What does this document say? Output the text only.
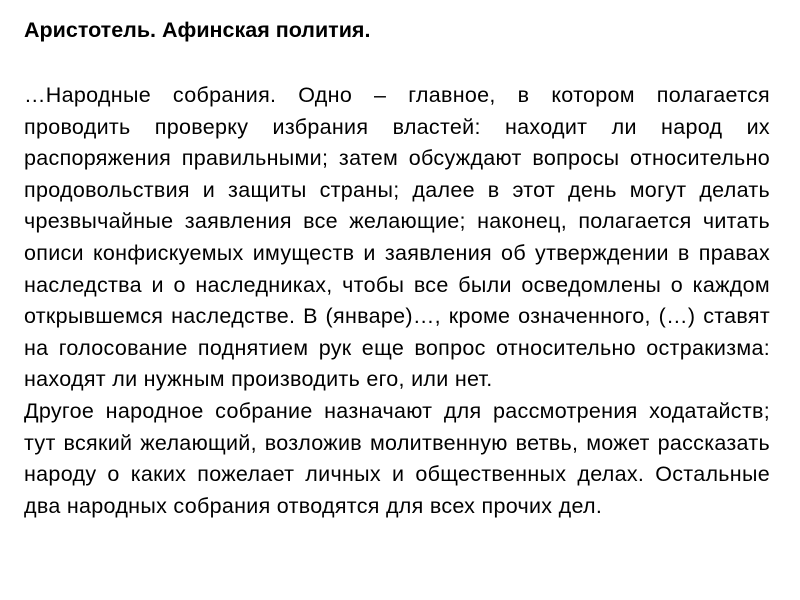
Аристотель. Афинская полития.

…Народные собрания. Одно – главное, в котором полагается проводить проверку избрания властей: находит ли народ их распоряжения правильными; затем обсуждают вопросы относительно продовольствия и защиты страны; далее в этот день могут делать чрезвычайные заявления все желающие; наконец, полагается читать описи конфискуемых имуществ и заявления об утверждении в правах наследства и о наследниках, чтобы все были осведомлены о каждом открывшемся наследстве. В (январе)…, кроме означенного, (…) ставят на голосование поднятием рук еще вопрос относительно остракизма: находят ли нужным производить его, или нет.

Другое народное собрание назначают для рассмотрения ходатайств; тут всякий желающий, возложив молитвенную ветвь, может рассказать народу о каких пожелает личных и общественных делах. Остальные два народных собрания отводятся для всех прочих дел.
